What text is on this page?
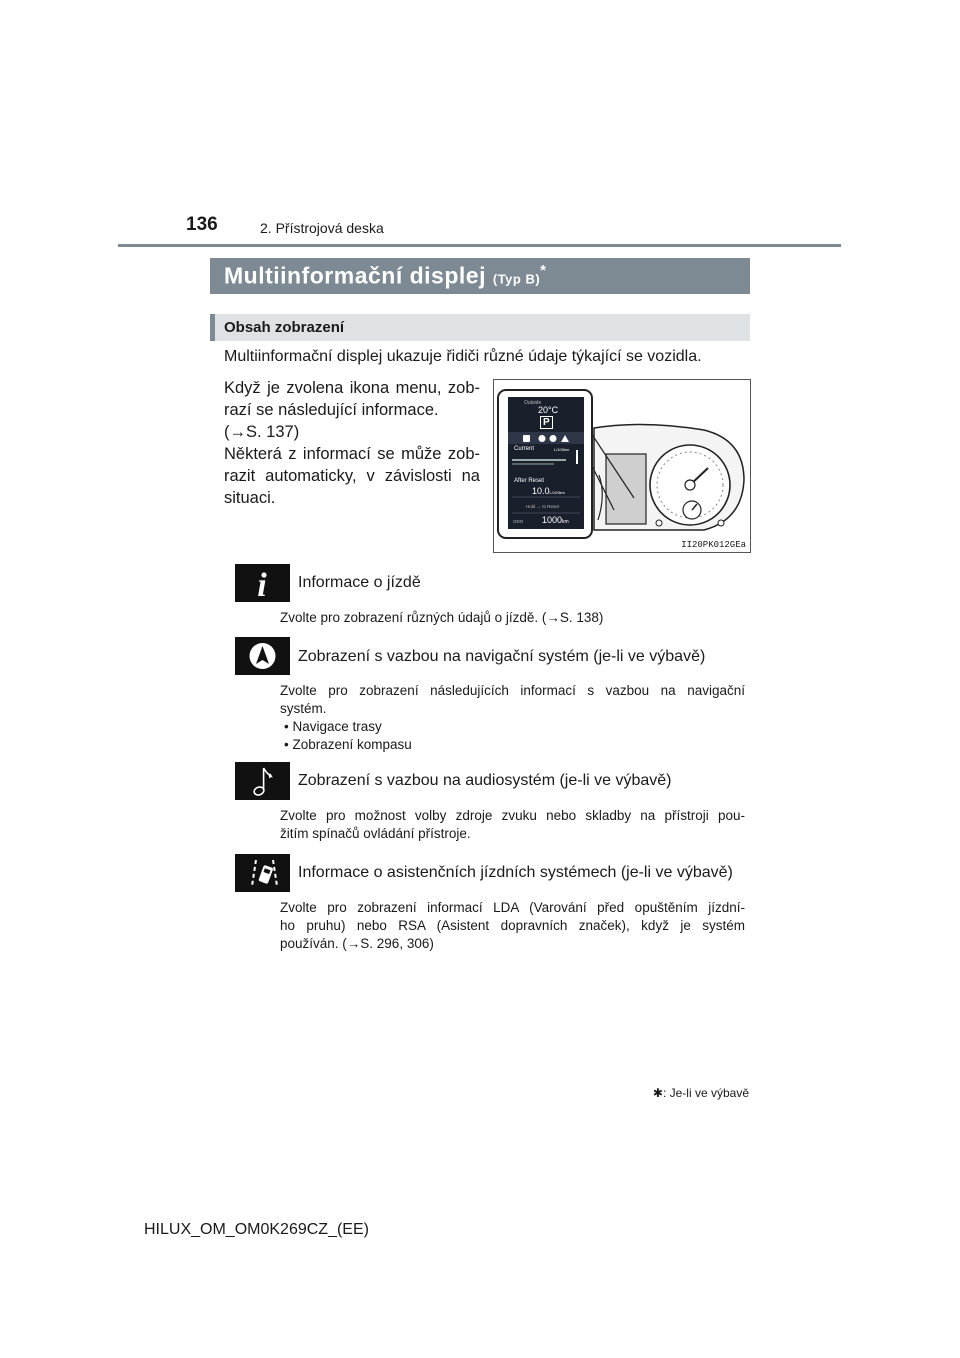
136	2. Přístrojová deska
Multiinformační displej (Typ B)*
Obsah zobrazení
Multiinformační displej ukazuje řidiči různé údaje týkající se vozidla.
Když je zvolena ikona menu, zob-
razí se následující informace.
(→S. 137)
Některá z informací se může zob-
razit automaticky, v závislosti na
situaci.
Outside
20°C
P
Current	L/100km
After Reset
10.0L/100km
Hold → to Reset
ODO 1000km
II20PK012GEa
i Informace o jízdě
Zvolte pro zobrazení různých údajů o jízdě. (→S. 138)
Zobrazení s vazbou na navigační systém (je-li ve výbavě)
Zvolte pro zobrazení následujících informací s vazbou na navigační
systém.
• Navigace trasy
• Zobrazení kompasu
Zobrazení s vazbou na audiosystém (je-li ve výbavě)
Zvolte pro možnost volby zdroje zvuku nebo skladby na přístroji pou-
žitím spínačů ovládání přístroje.
Informace o asistenčních jízdních systémech (je-li ve výbavě)
Zvolte pro zobrazení informací LDA (Varování před opuštěním jízdní-
ho pruhu) nebo RSA (Asistent dopravních značek), když je systém
používán. (→S. 296, 306)
✱: Je-li ve výbavě
HILUX_OM_OM0K269CZ_(EE)
